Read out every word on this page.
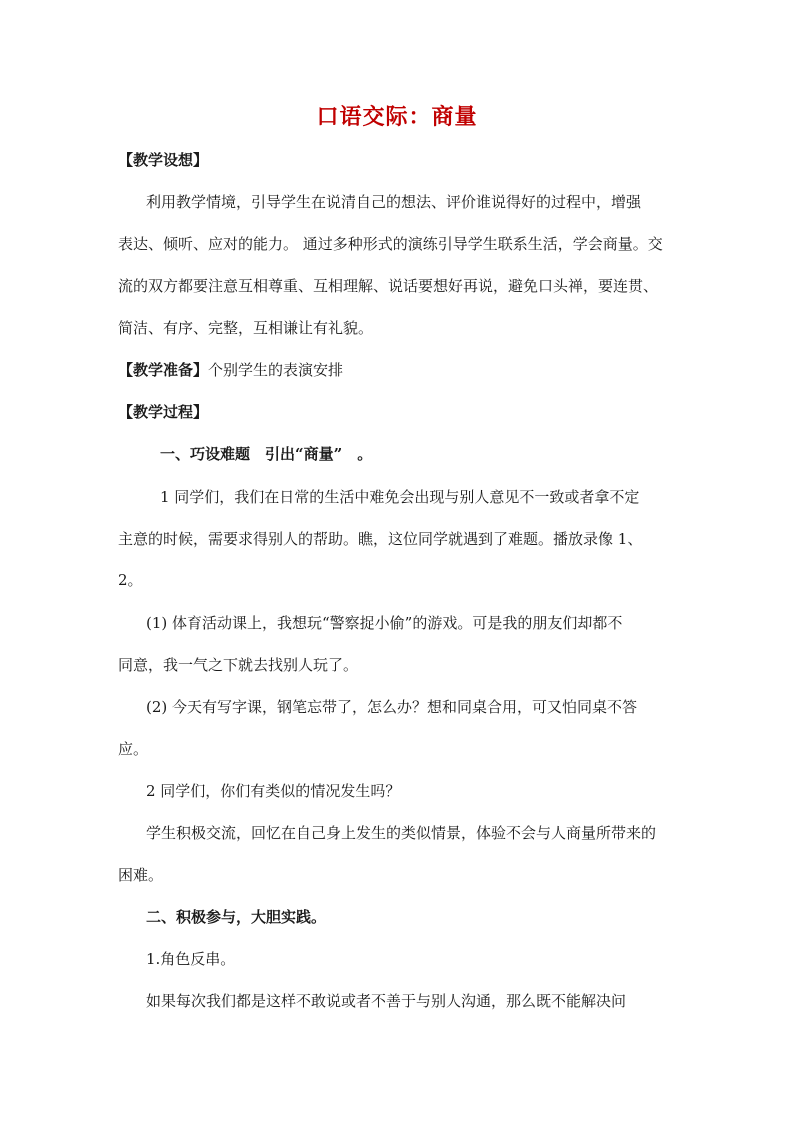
口语交际：商量
【教学设想】
利用教学情境，引导学生在说清自己的想法、评价谁说得好的过程中，增强
表达、倾听、应对的能力。 通过多种形式的演练引导学生联系生活，学会商量。交
流的双方都要注意互相尊重、互相理解、说话要想好再说，避免口头禅，要连贯、
简洁、有序、完整，互相谦让有礼貌。
【教学准备】个别学生的表演安排
【教学过程】
一、巧设难题　引出“商量”　。
1 同学们，我们在日常的生活中难免会出现与别人意见不一致或者拿不定
主意的时候，需要求得别人的帮助。瞧，这位同学就遇到了难题。播放录像 1、
2。
(1) 体育活动课上，我想玩“警察捉小偷”的游戏。可是我的朋友们却都不
同意，我一气之下就去找别人玩了。
(2) 今天有写字课，钢笔忘带了，怎么办？想和同桌合用，可又怕同桌不答
应。
2 同学们，你们有类似的情况发生吗？
学生积极交流，回忆在自己身上发生的类似情景，体验不会与人商量所带来的
困难。
二、积极参与，大胆实践。
1.角色反串。
如果每次我们都是这样不敢说或者不善于与别人沟通，那么既不能解决问
